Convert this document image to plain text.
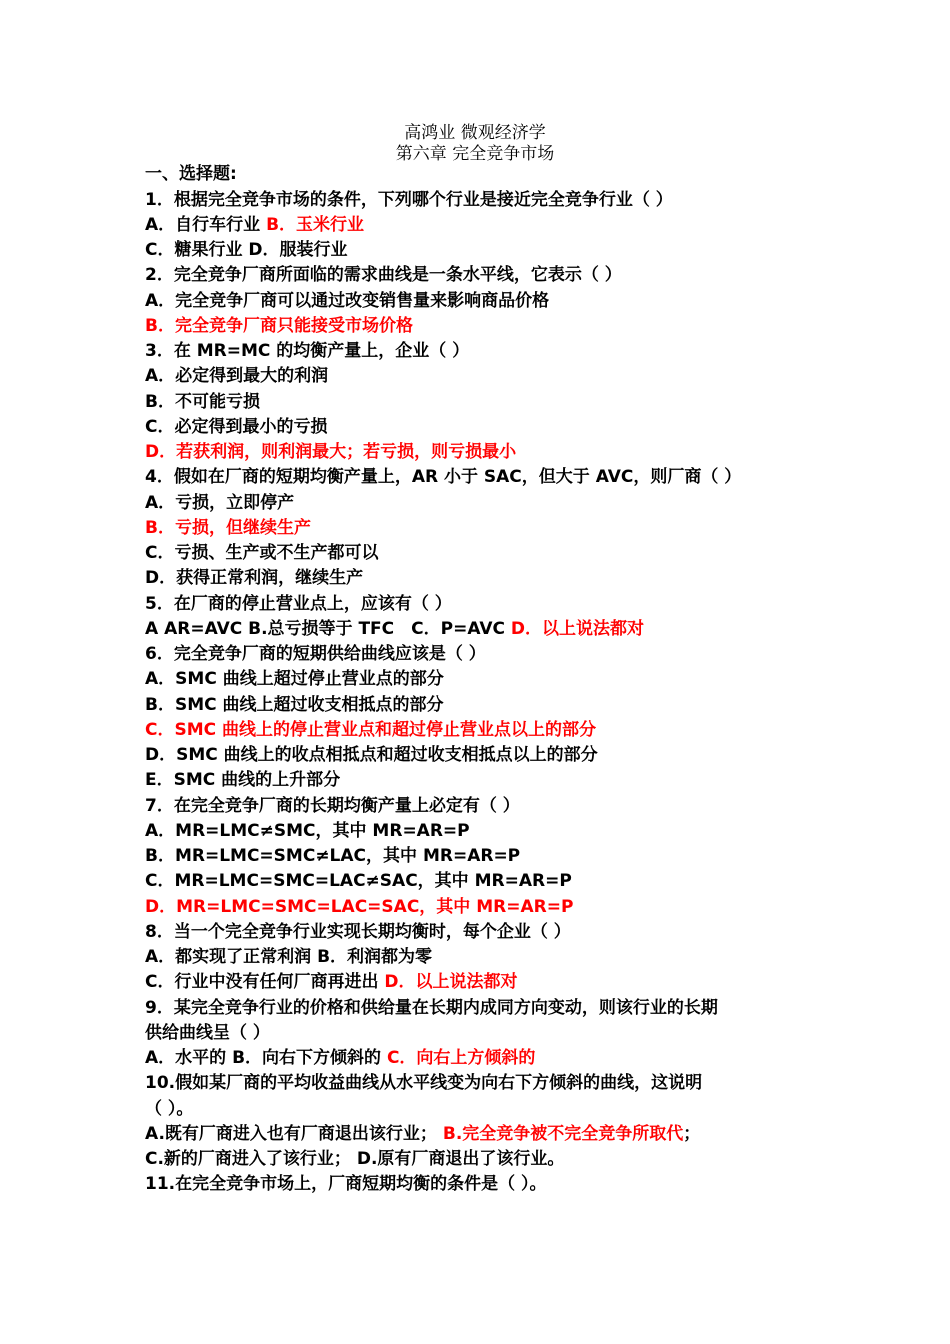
高鸿业 微观经济学
第六章 完全竞争市场
一、选择题:
1．根据完全竞争市场的条件，下列哪个行业是接近完全竞争行业（ ）
A．自行车行业 B．玉米行业
C．糖果行业 D．服装行业
2．完全竞争厂商所面临的需求曲线是一条水平线，它表示（ ）
A．完全竞争厂商可以通过改变销售量来影响商品价格
B．完全竞争厂商只能接受市场价格
3．在 MR=MC 的均衡产量上，企业（ ）
A．必定得到最大的利润
B．不可能亏损
C．必定得到最小的亏损
D．若获利润，则利润最大；若亏损，则亏损最小
4．假如在厂商的短期均衡产量上，AR 小于 SAC，但大于 AVC，则厂商（ ）
A．亏损，立即停产
B．亏损，但继续生产
C．亏损、生产或不生产都可以
D．获得正常利润，继续生产
5．在厂商的停止营业点上，应该有（ ）
A AR=AVC B.总亏损等于 TFC　C．P=AVC D．以上说法都对
6．完全竞争厂商的短期供给曲线应该是（ ）
A．SMC 曲线上超过停止营业点的部分
B．SMC 曲线上超过收支相抵点的部分
C．SMC 曲线上的停止营业点和超过停止营业点以上的部分
D．SMC 曲线上的收点相抵点和超过收支相抵点以上的部分
E．SMC 曲线的上升部分
7．在完全竞争厂商的长期均衡产量上必定有（ ）
A．MR=LMC≠SMC，其中 MR=AR=P
B．MR=LMC=SMC≠LAC，其中 MR=AR=P
C．MR=LMC=SMC=LAC≠SAC，其中 MR=AR=P
D．MR=LMC=SMC=LAC=SAC，其中 MR=AR=P
8．当一个完全竞争行业实现长期均衡时，每个企业（ ）
A．都实现了正常利润 B．利润都为零
C．行业中没有任何厂商再进出 D．以上说法都对
9．某完全竞争行业的价格和供给量在长期内成同方向变动，则该行业的长期
供给曲线呈（ ）
A．水平的 B．向右下方倾斜的 C．向右上方倾斜的
10.假如某厂商的平均收益曲线从水平线变为向右下方倾斜的曲线，这说明
（ ）。
A.既有厂商进入也有厂商退出该行业； B.完全竞争被不完全竞争所取代；
C.新的厂商进入了该行业； D.原有厂商退出了该行业。
11.在完全竞争市场上，厂商短期均衡的条件是（ ）。
